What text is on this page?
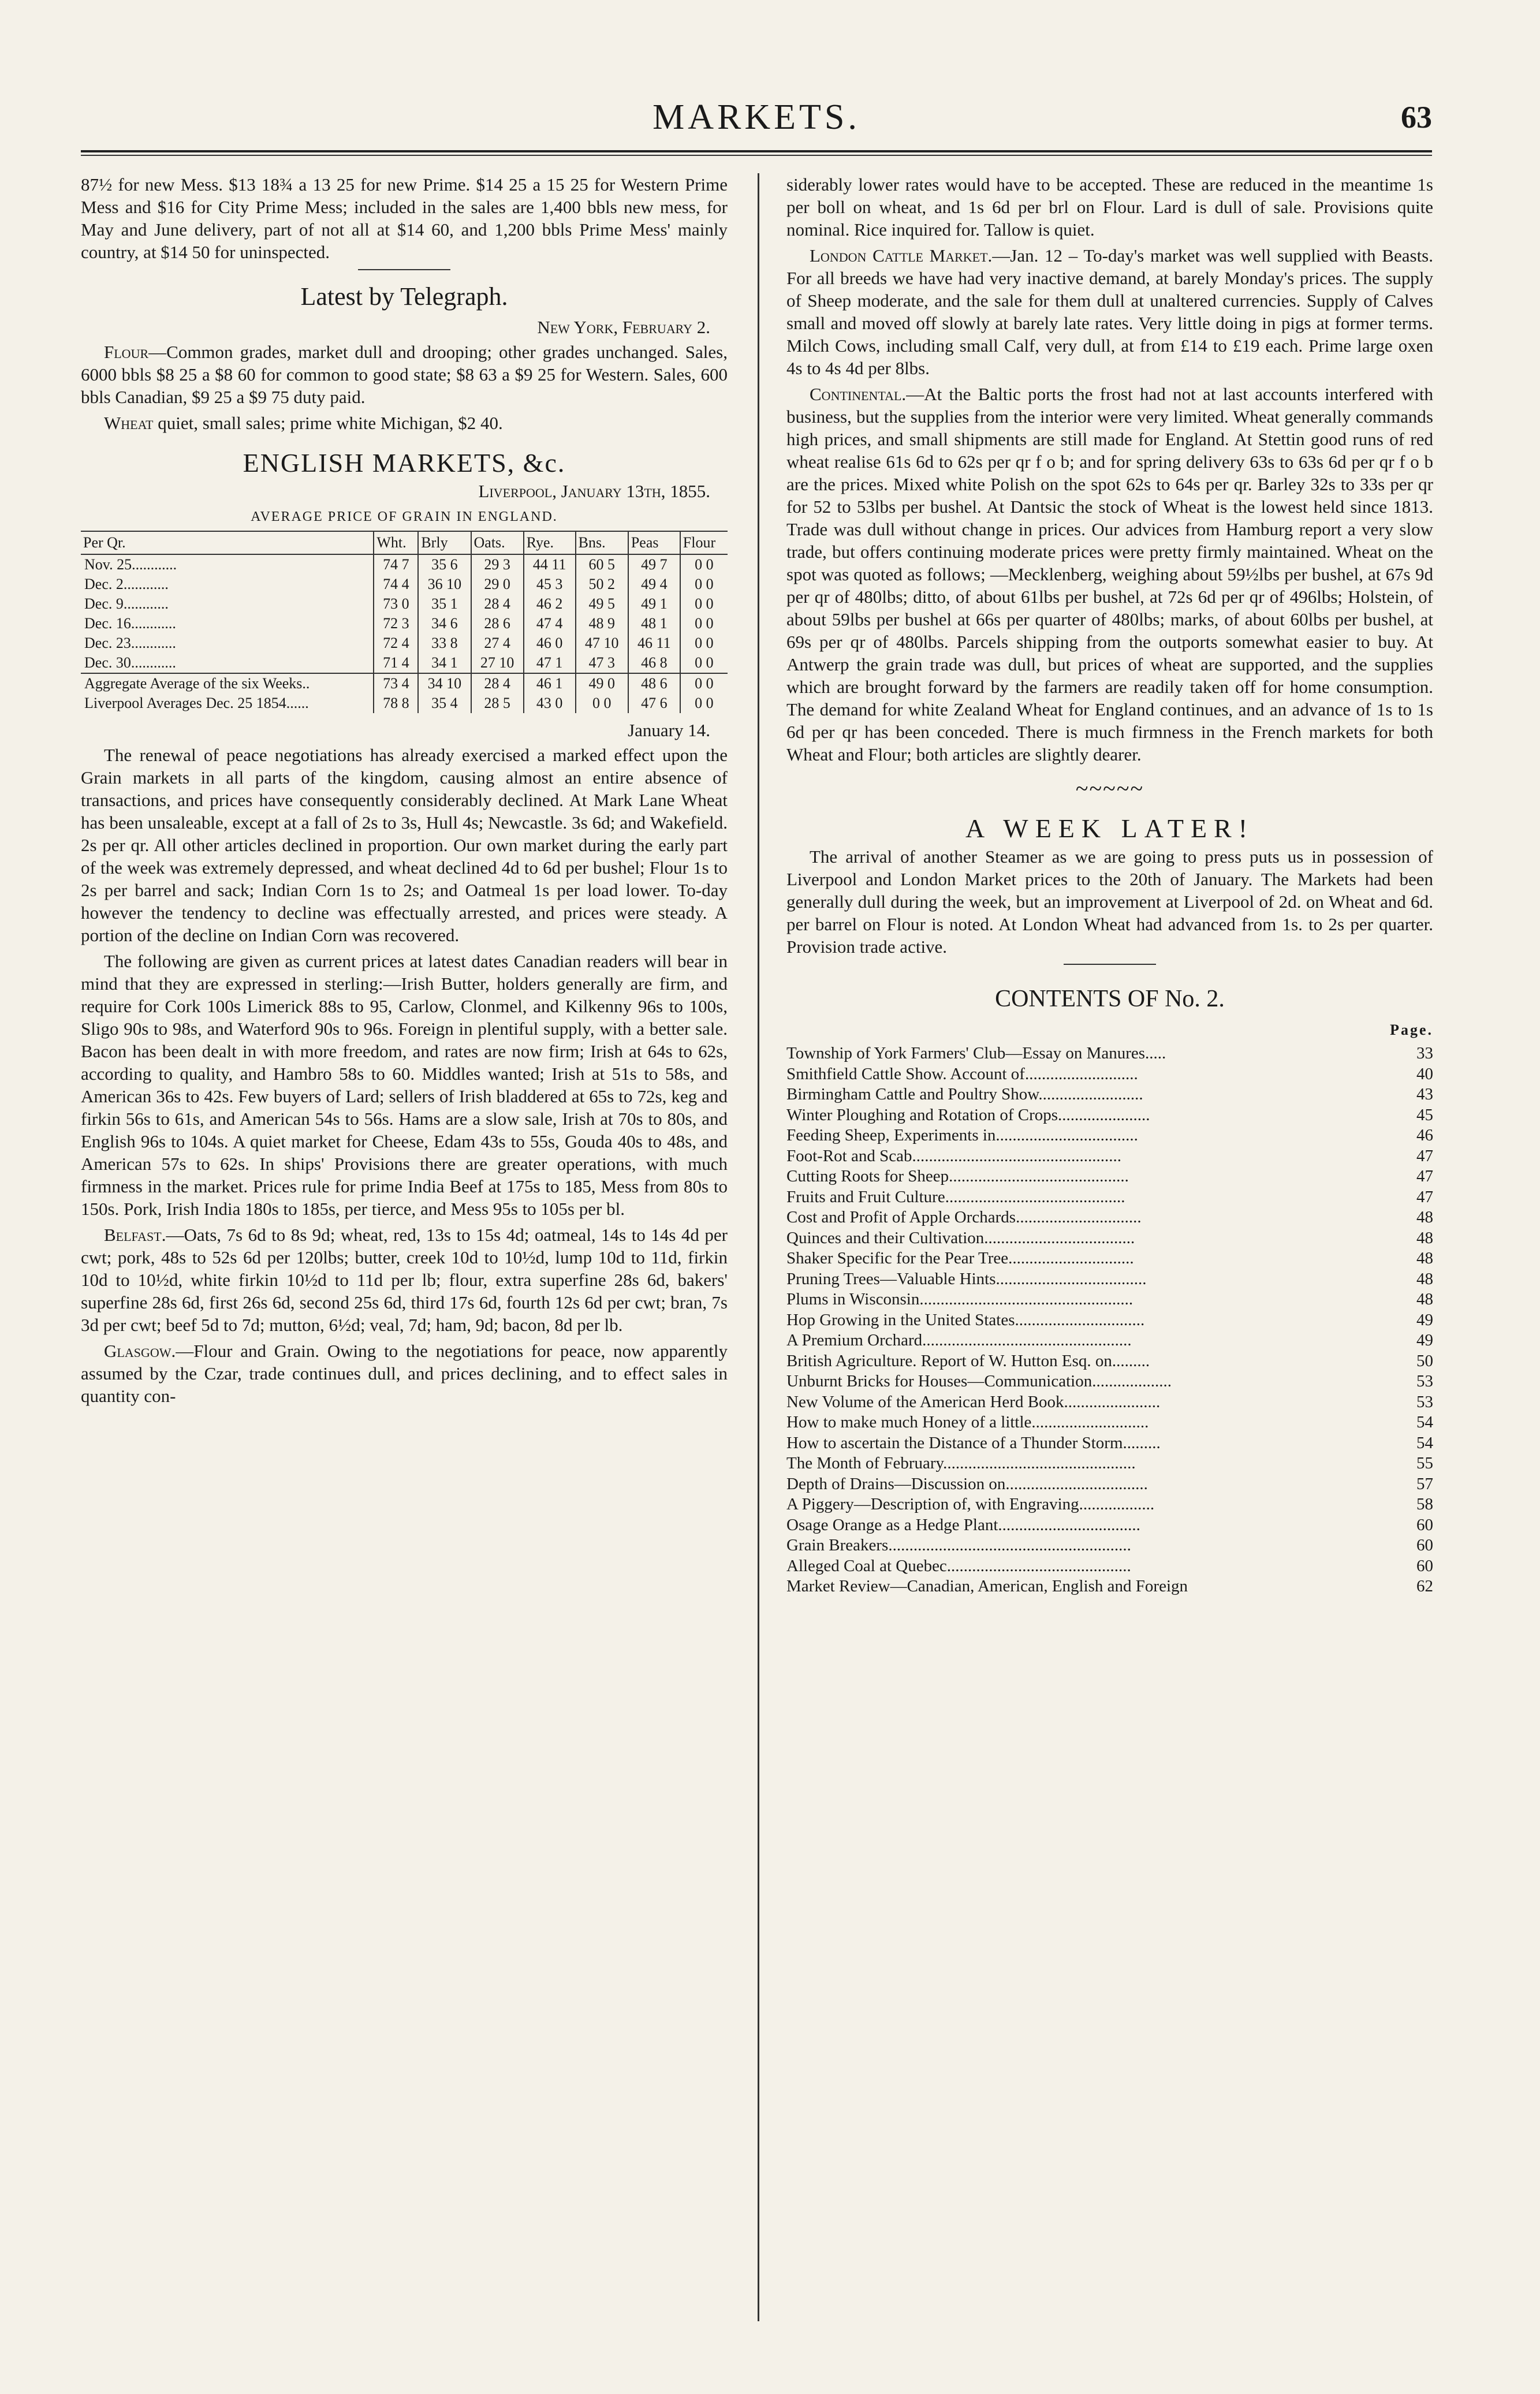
MARKETS.	63

87½ for new Mess. $13 18¾ a 13 25 for new Prime. $14 25 a 15 25 for Western Prime Mess and $16 for City Prime Mess; included in the sales are 1,400 bbls new mess, for May and June delivery, part of not all at $14 60, and 1,200 bbls Prime Mess' mainly country, at $14 50 for uninspected.

Latest by Telegraph.
New York, February 2.

Flour—Common grades, market dull and drooping; other grades unchanged. Sales, 6000 bbls $8 25 a $8 60 for common to good state; $8 63 a $9 25 for Western. Sales, 600 bbls Canadian, $9 25 a $9 75 duty paid.

Wheat quiet, small sales; prime white Michigan, $2 40.

ENGLISH MARKETS, &c.
Liverpool, January 13th, 1855.
AVERAGE PRICE OF GRAIN IN ENGLAND.
Per Qr.	Wht.	Brly	Oats.	Rye.	Bns.	Peas	Flour
Nov. 25............	74 7	35 6	29 3	44 11	60 5	49 7	0 0
Dec. 2............	74 4	36 10	29 0	45 3	50 2	49 4	0 0
Dec. 9............	73 0	35 1	28 4	46 2	49 5	49 1	0 0
Dec. 16............	72 3	34 6	28 6	47 4	48 9	48 1	0 0
Dec. 23............	72 4	33 8	27 4	46 0	47 10	46 11	0 0
Dec. 30............	71 4	34 1	27 10	47 1	47 3	46 8	0 0
Aggregate Average of the six Weeks..	73 4	34 10	28 4	46 1	49 0	48 6	0 0
Liverpool Averages Dec. 25 1854......	78 8	35 4	28 5	43 0	0 0	47 6	0 0
January 14.

The renewal of peace negotiations has already exercised a marked effect upon the Grain markets in all parts of the kingdom, causing almost an entire absence of transactions, and prices have consequently considerably declined. At Mark Lane Wheat has been unsaleable, except at a fall of 2s to 3s, Hull 4s; Newcastle. 3s 6d; and Wakefield. 2s per qr. All other articles declined in proportion. Our own market during the early part of the week was extremely depressed, and wheat declined 4d to 6d per bushel; Flour 1s to 2s per barrel and sack; Indian Corn 1s to 2s; and Oatmeal 1s per load lower. To-day however the tendency to decline was effectually arrested, and prices were steady. A portion of the decline on Indian Corn was recovered.

The following are given as current prices at latest dates Canadian readers will bear in mind that they are expressed in sterling:—Irish Butter, holders generally are firm, and require for Cork 100s Limerick 88s to 95, Carlow, Clonmel, and Kilkenny 96s to 100s, Sligo 90s to 98s, and Waterford 90s to 96s. Foreign in plentiful supply, with a better sale. Bacon has been dealt in with more freedom, and rates are now firm; Irish at 64s to 62s, according to quality, and Hambro 58s to 60. Middles wanted; Irish at 51s to 58s, and American 36s to 42s. Few buyers of Lard; sellers of Irish bladdered at 65s to 72s, keg and firkin 56s to 61s, and American 54s to 56s. Hams are a slow sale, Irish at 70s to 80s, and English 96s to 104s. A quiet market for Cheese, Edam 43s to 55s, Gouda 40s to 48s, and American 57s to 62s. In ships' Provisions there are greater operations, with much firmness in the market. Prices rule for prime India Beef at 175s to 185, Mess from 80s to 150s. Pork, Irish India 180s to 185s, per tierce, and Mess 95s to 105s per bl.

Belfast.—Oats, 7s 6d to 8s 9d; wheat, red, 13s to 15s 4d; oatmeal, 14s to 14s 4d per cwt; pork, 48s to 52s 6d per 120lbs; butter, creek 10d to 10½d, lump 10d to 11d, firkin 10d to 10½d, white firkin 10½d to 11d per lb; flour, extra superfine 28s 6d, bakers' superfine 28s 6d, first 26s 6d, second 25s 6d, third 17s 6d, fourth 12s 6d per cwt; bran, 7s 3d per cwt; beef 5d to 7d; mutton, 6½d; veal, 7d; ham, 9d; bacon, 8d per lb.

Glasgow.—Flour and Grain. Owing to the negotiations for peace, now apparently assumed by the Czar, trade continues dull, and prices declining, and to effect sales in quantity con-

siderably lower rates would have to be accepted. These are reduced in the meantime 1s per boll on wheat, and 1s 6d per brl on Flour. Lard is dull of sale. Provisions quite nominal. Rice inquired for. Tallow is quiet.

London Cattle Market.—Jan. 12 – To-day's market was well supplied with Beasts. For all breeds we have had very inactive demand, at barely Monday's prices. The supply of Sheep moderate, and the sale for them dull at unaltered currencies. Supply of Calves small and moved off slowly at barely late rates. Very little doing in pigs at former terms. Milch Cows, including small Calf, very dull, at from £14 to £19 each. Prime large oxen 4s to 4s 4d per 8lbs.

Continental.—At the Baltic ports the frost had not at last accounts interfered with business, but the supplies from the interior were very limited. Wheat generally commands high prices, and small shipments are still made for England. At Stettin good runs of red wheat realise 61s 6d to 62s per qr f o b; and for spring delivery 63s to 63s 6d per qr f o b are the prices. Mixed white Polish on the spot 62s to 64s per qr. Barley 32s to 33s per qr for 52 to 53lbs per bushel. At Dantsic the stock of Wheat is the lowest held since 1813. Trade was dull without change in prices. Our advices from Hamburg report a very slow trade, but offers continuing moderate prices were pretty firmly maintained. Wheat on the spot was quoted as follows; —Mecklenberg, weighing about 59½lbs per bushel, at 67s 9d per qr of 480lbs; ditto, of about 61lbs per bushel, at 72s 6d per qr of 496lbs; Holstein, of about 59lbs per bushel at 66s per quarter of 480lbs; marks, of about 60lbs per bushel, at 69s per qr of 480lbs. Parcels shipping from the outports somewhat easier to buy. At Antwerp the grain trade was dull, but prices of wheat are supported, and the supplies which are brought forward by the farmers are readily taken off for home consumption. The demand for white Zealand Wheat for England continues, and an advance of 1s to 1s 6d per qr has been conceded. There is much firmness in the French markets for both Wheat and Flour; both articles are slightly dearer.

~~~~~
A WEEK LATER!

The arrival of another Steamer as we are going to press puts us in possession of Liverpool and London Market prices to the 20th of January. The Markets had been generally dull during the week, but an improvement at Liverpool of 2d. on Wheat and 6d. per barrel on Flour is noted. At London Wheat had advanced from 1s. to 2s per quarter. Provision trade active.

CONTENTS OF No. 2.
Page.
Township of York Farmers' Club—Essay on Manures.....	33
Smithfield Cattle Show. Account of...........................	40
Birmingham Cattle and Poultry Show.........................	43
Winter Ploughing and Rotation of Crops......................	45
Feeding Sheep, Experiments in..................................	46
Foot-Rot and Scab..................................................	47
Cutting Roots for Sheep...........................................	47
Fruits and Fruit Culture...........................................	47
Cost and Profit of Apple Orchards..............................	48
Quinces and their Cultivation....................................	48
Shaker Specific for the Pear Tree..............................	48
Pruning Trees—Valuable Hints....................................	48
Plums in Wisconsin...................................................	48
Hop Growing in the United States...............................	49
A Premium Orchard..................................................	49
British Agriculture. Report of W. Hutton Esq. on.........	50
Unburnt Bricks for Houses—Communication...................	53
New Volume of the American Herd Book.......................	53
How to make much Honey of a little............................	54
How to ascertain the Distance of a Thunder Storm.........	54
The Month of February..............................................	55
Depth of Drains—Discussion on..................................	57
A Piggery—Description of, with Engraving..................	58
Osage Orange as a Hedge Plant..................................	60
Grain Breakers..........................................................	60
Alleged Coal at Quebec............................................	60
Market Review—Canadian, American, English and Foreign	62
